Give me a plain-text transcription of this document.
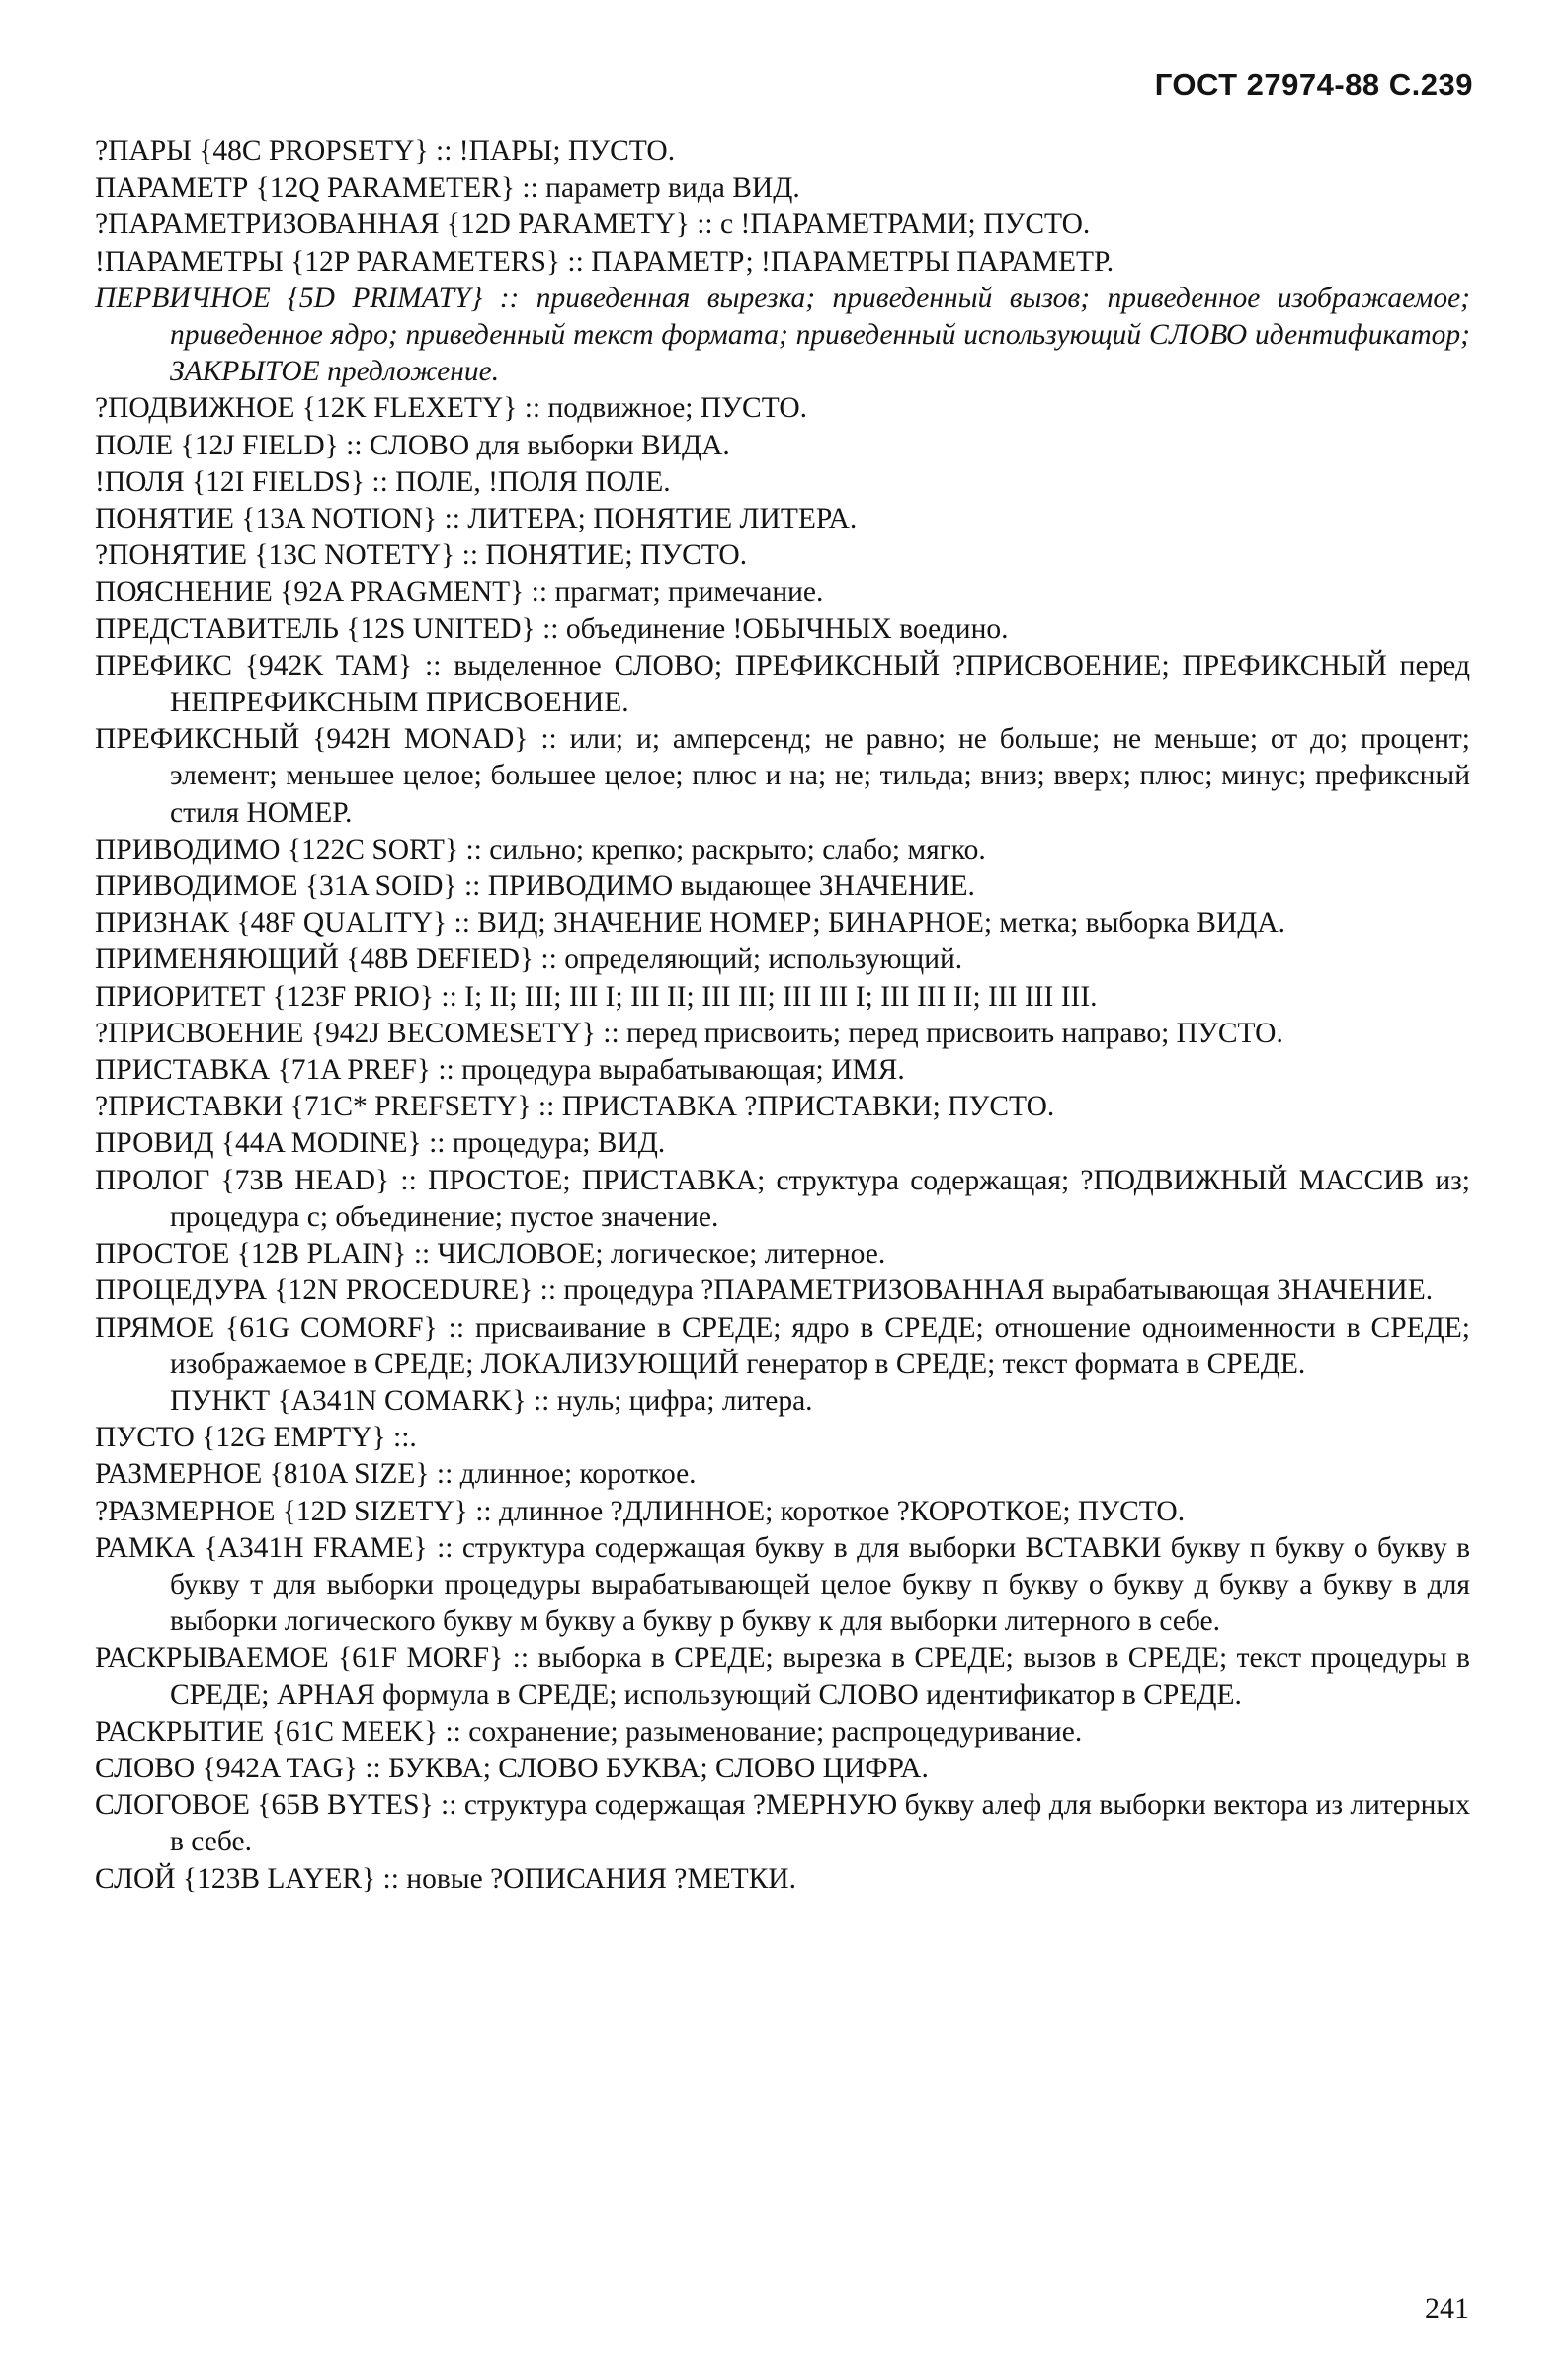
ГОСТ 27974-88 С.239
?ПАРЫ {48C PROPSETY} :: !ПАРЫ; ПУСТО.
ПАРАМЕТР {12Q PARAMETER} :: параметр вида ВИД.
?ПАРАМЕТРИЗОВАННАЯ {12D PARAMETY} :: с !ПАРАМЕТРАМИ; ПУСТО.
!ПАРАМЕТРЫ {12P PARAMETERS} :: ПАРАМЕТР; !ПАРАМЕТРЫ ПАРАМЕТР.
ПЕРВИЧНОЕ {5D PRIMATY} :: приведенная вырезка; приведенный вызов; приведенное изображаемое; приведенное ядро; приведенный текст формата; приведенный использующий СЛОВО идентификатор; ЗАКРЫТОЕ предложение.
?ПОДВИЖНОЕ {12K FLEXETY} :: подвижное; ПУСТО.
ПОЛЕ {12J FIELD} :: СЛОВО для выборки ВИДА.
!ПОЛЯ {12I FIELDS} :: ПОЛЕ, !ПОЛЯ ПОЛЕ.
ПОНЯТИЕ {13A NOTION} :: ЛИТЕРА; ПОНЯТИЕ ЛИТЕРА.
?ПОНЯТИЕ {13C NOTETY} :: ПОНЯТИЕ; ПУСТО.
ПОЯСНЕНИЕ {92A PRAGMENT} :: прагмат; примечание.
ПРЕДСТАВИТЕЛЬ {12S UNITED} :: объединение !ОБЫЧНЫХ воедино.
ПРЕФИКС {942K TAM} :: выделенное СЛОВО; ПРЕФИКСНЫЙ ?ПРИСВОЕНИЕ; ПРЕФИКСНЫЙ перед НЕПРЕФИКСНЫМ ПРИСВОЕНИЕ.
ПРЕФИКСНЫЙ {942H MONAD} :: или; и; амперсенд; не равно; не больше; не меньше; от до; процент; элемент; меньшее целое; большее целое; плюс и на; не; тильда; вниз; вверх; плюс; минус; префиксный стиля НОМЕР.
ПРИВОДИМО {122C SORT} :: сильно; крепко; раскрыто; слабо; мягко.
ПРИВОДИМОЕ {31A SOID} :: ПРИВОДИМО выдающее ЗНАЧЕНИЕ.
ПРИЗНАК {48F QUALITY} :: ВИД; ЗНАЧЕНИЕ НОМЕР; БИНАРНОЕ; метка; выборка ВИДА.
ПРИМЕНЯЮЩИЙ {48B DEFIED} :: определяющий; использующий.
ПРИОРИТЕТ {123F PRIO} :: I; II; III; III I; III II; III III; III III I; III III II; III III III.
?ПРИСВОЕНИЕ {942J BECOMESETY} :: перед присвоить; перед присвоить направо; ПУСТО.
ПРИСТАВКА {71A PREF} :: процедура вырабатывающая; ИМЯ.
?ПРИСТАВКИ {71C* PREFSETY} :: ПРИСТАВКА ?ПРИСТАВКИ; ПУСТО.
ПРОВИД {44A MODINE} :: процедура; ВИД.
ПРОЛОГ {73B HEAD} :: ПРОСТОЕ; ПРИСТАВКА; структура содержащая; ?ПОДВИЖНЫЙ МАССИВ из; процедура с; объединение; пустое значение.
ПРОСТОЕ {12B PLAIN} :: ЧИСЛОВОЕ; логическое; литерное.
ПРОЦЕДУРА {12N PROCEDURE} :: процедура ?ПАРАМЕТРИЗОВАННАЯ вырабатывающая ЗНАЧЕНИЕ.
ПРЯМОЕ {61G COMORF} :: присваивание в СРЕДЕ; ядро в СРЕДЕ; отношение одноименности в СРЕДЕ; изображаемое в СРЕДЕ; ЛОКАЛИЗУЮЩИЙ генератор в СРЕДЕ; текст формата в СРЕДЕ.
ПУНКТ {A341N COMARK} :: нуль; цифра; литера.
ПУСТО {12G EMPTY} ::.
РАЗМЕРНОЕ {810A SIZE} :: длинное; короткое.
?РАЗМЕРНОЕ {12D SIZETY} :: длинное ?ДЛИННОЕ; короткое ?КОРОТКОЕ; ПУСТО.
РАМКА {A341H FRAME} :: структура содержащая букву в для выборки ВСТАВКИ букву п букву о букву в букву т для выборки процедуры вырабатывающей целое букву п букву о букву д букву а букву в для выборки логического букву м букву а букву р букву к для выборки литерного в себе.
РАСКРЫВАЕМОЕ {61F MORF} :: выборка в СРЕДЕ; вырезка в СРЕДЕ; вызов в СРЕДЕ; текст процедуры в СРЕДЕ; АРНАЯ формула в СРЕДЕ; использующий СЛОВО идентификатор в СРЕДЕ.
РАСКРЫТИЕ {61C MEEK} :: сохранение; разыменование; распроцедуривание.
СЛОВО {942A TAG} :: БУКВА; СЛОВО БУКВА; СЛОВО ЦИФРА.
СЛОГОВОЕ {65B BYTES} :: структура содержащая ?МЕРНУЮ букву алеф для выборки вектора из литерных в себе.
СЛОЙ {123B LAYER} :: новые ?ОПИСАНИЯ ?МЕТКИ.
241
